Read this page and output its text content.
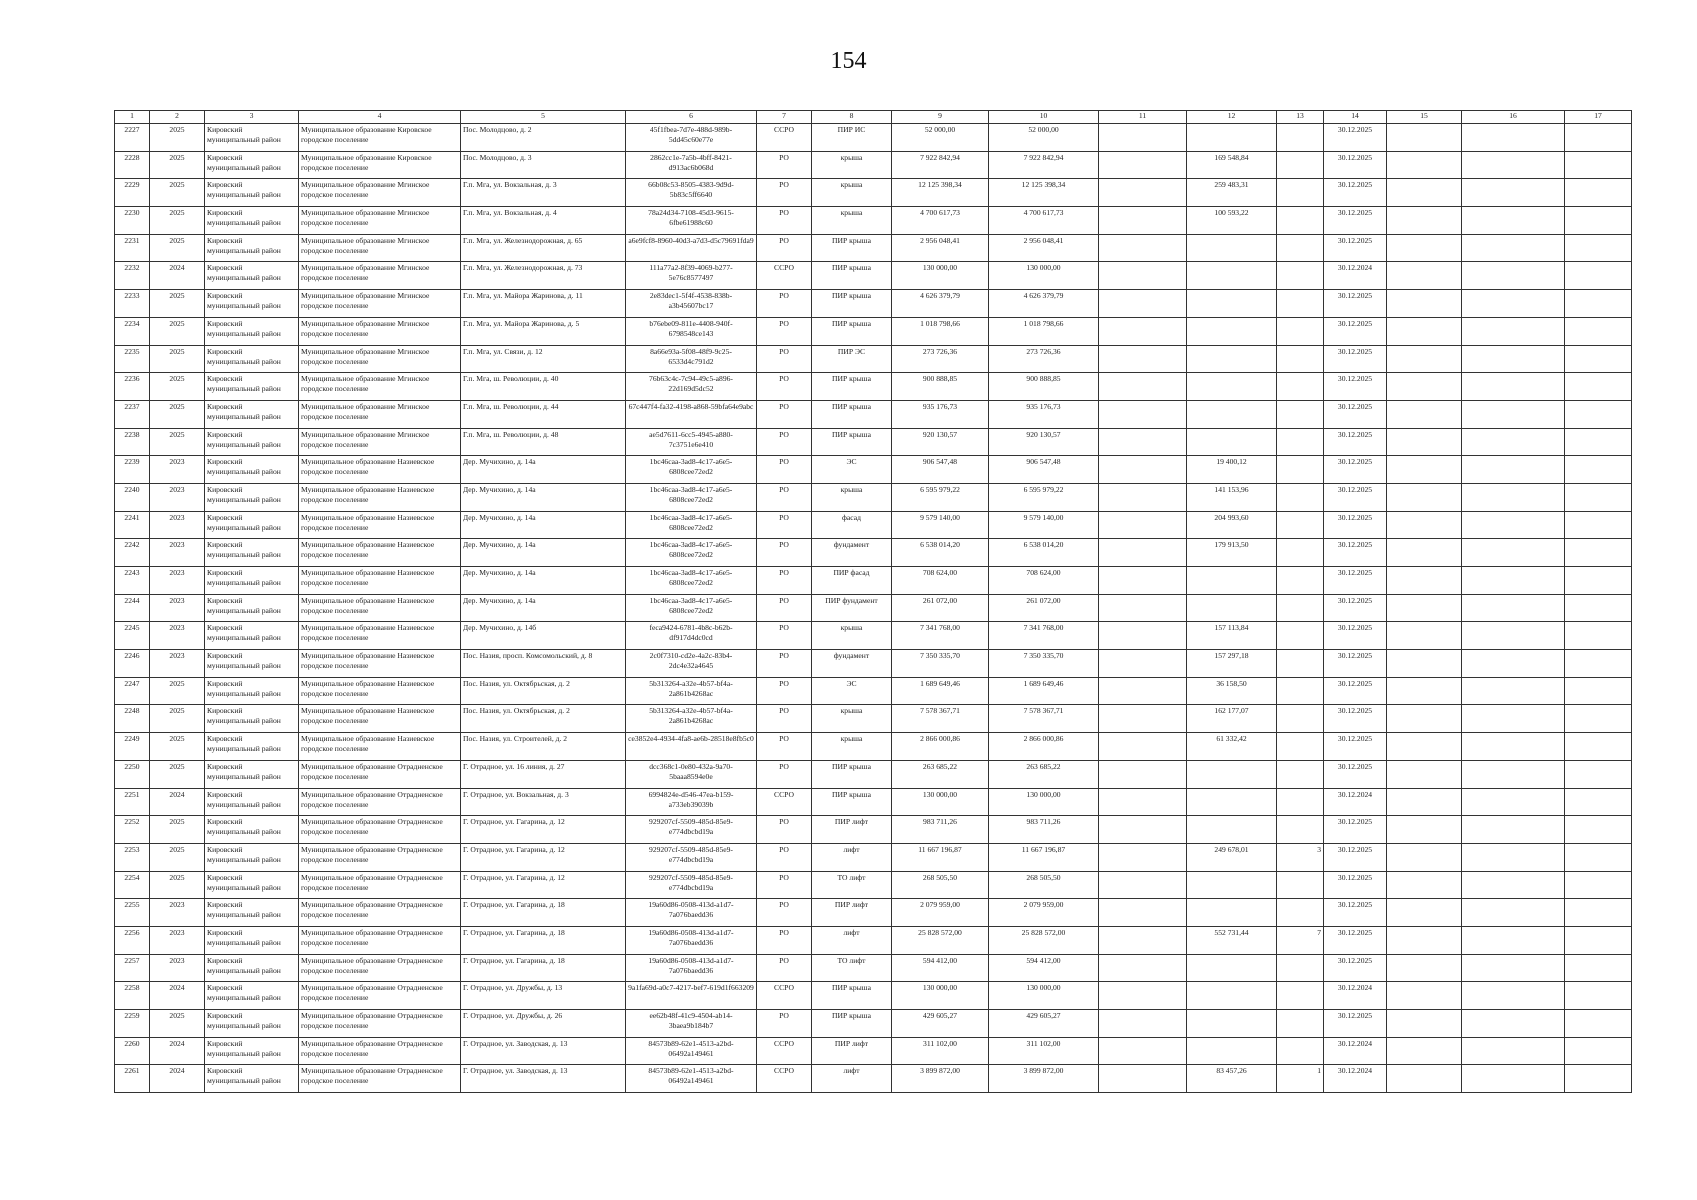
154
1	2	3	4	5	6	7	8	9	10	11	12	13	14	15	16	17
2227	2025	Кировский муниципальный район	Муниципальное образование Кировское городское поселение	Пос. Молодцово, д. 2	45f1fbea-7d7e-488d-989b-5dd45c60e77e	ССРО	ПИР ИС	52 000,00	52 000,00				30.12.2025			
2228	2025	Кировский муниципальный район	Муниципальное образование Кировское городское поселение	Пос. Молодцово, д. 3	2862cc1e-7a5b-4bff-8421-d913ac6b068d	РО	крыша	7 922 842,94	7 922 842,94		169 548,84		30.12.2025			
2229	2025	Кировский муниципальный район	Муниципальное образование Мгинское городское поселение	Г.п. Мга, ул. Вокзальная, д. 3	66b08c53-8505-4383-9d9d-5b83c5ff6640	РО	крыша	12 125 398,34	12 125 398,34		259 483,31		30.12.2025			
2230	2025	Кировский муниципальный район	Муниципальное образование Мгинское городское поселение	Г.п. Мга, ул. Вокзальная, д. 4	78a24d34-7108-45d3-9615-6fbe61988c60	РО	крыша	4 700 617,73	4 700 617,73		100 593,22		30.12.2025			
2231	2025	Кировский муниципальный район	Муниципальное образование Мгинское городское поселение	Г.п. Мга, ул. Железнодорожная, д. 65	a6e9fcf8-8960-40d3-a7d3-d5c79691fda9	РО	ПИР крыша	2 956 048,41	2 956 048,41				30.12.2025			
2232	2024	Кировский муниципальный район	Муниципальное образование Мгинское городское поселение	Г.п. Мга, ул. Железнодорожная, д. 73	111a77a2-8f39-4069-b277-5e76c8577497	ССРО	ПИР крыша	130 000,00	130 000,00				30.12.2024			
2233	2025	Кировский муниципальный район	Муниципальное образование Мгинское городское поселение	Г.п. Мга, ул. Майора Жаринова, д. 11	2e83dec1-5f4f-4538-838b-a3b45607bc17	РО	ПИР крыша	4 626 379,79	4 626 379,79				30.12.2025			
2234	2025	Кировский муниципальный район	Муниципальное образование Мгинское городское поселение	Г.п. Мга, ул. Майора Жаринова, д. 5	b76ebe09-811e-4408-940f-6798548ce143	РО	ПИР крыша	1 018 798,66	1 018 798,66				30.12.2025			
2235	2025	Кировский муниципальный район	Муниципальное образование Мгинское городское поселение	Г.п. Мга, ул. Связи, д. 12	8a66e93a-5f08-48f9-9c25-6533d4c791d2	РО	ПИР ЭС	273 726,36	273 726,36				30.12.2025			
2236	2025	Кировский муниципальный район	Муниципальное образование Мгинское городское поселение	Г.п. Мга, ш. Революции, д. 40	76b63c4c-7c94-49c5-a896-22d169d5dc52	РО	ПИР крыша	900 888,85	900 888,85				30.12.2025			
2237	2025	Кировский муниципальный район	Муниципальное образование Мгинское городское поселение	Г.п. Мга, ш. Революции, д. 44	67c447f4-fa32-4198-a868-59bfa64e9abc	РО	ПИР крыша	935 176,73	935 176,73				30.12.2025			
2238	2025	Кировский муниципальный район	Муниципальное образование Мгинское городское поселение	Г.п. Мга, ш. Революции, д. 48	ae5d7611-6cc5-4945-a880-7c3751e6e410	РО	ПИР крыша	920 130,57	920 130,57				30.12.2025			
2239	2023	Кировский муниципальный район	Муниципальное образование Назиевское городское поселение	Дер. Мучихино, д. 14а	1bc46caa-3ad8-4c17-a6e5-6808cee72ed2	РО	ЭС	906 547,48	906 547,48		19 400,12		30.12.2025			
2240	2023	Кировский муниципальный район	Муниципальное образование Назиевское городское поселение	Дер. Мучихино, д. 14а	1bc46caa-3ad8-4c17-a6e5-6808cee72ed2	РО	крыша	6 595 979,22	6 595 979,22		141 153,96		30.12.2025			
2241	2023	Кировский муниципальный район	Муниципальное образование Назиевское городское поселение	Дер. Мучихино, д. 14а	1bc46caa-3ad8-4c17-a6e5-6808cee72ed2	РО	фасад	9 579 140,00	9 579 140,00		204 993,60		30.12.2025			
2242	2023	Кировский муниципальный район	Муниципальное образование Назиевское городское поселение	Дер. Мучихино, д. 14а	1bc46caa-3ad8-4c17-a6e5-6808cee72ed2	РО	фундамент	6 538 014,20	6 538 014,20		179 913,50		30.12.2025			
2243	2023	Кировский муниципальный район	Муниципальное образование Назиевское городское поселение	Дер. Мучихино, д. 14а	1bc46caa-3ad8-4c17-a6e5-6808cee72ed2	РО	ПИР фасад	708 624,00	708 624,00				30.12.2025			
2244	2023	Кировский муниципальный район	Муниципальное образование Назиевское городское поселение	Дер. Мучихино, д. 14а	1bc46caa-3ad8-4c17-a6e5-6808cee72ed2	РО	ПИР фундамент	261 072,00	261 072,00				30.12.2025			
2245	2023	Кировский муниципальный район	Муниципальное образование Назиевское городское поселение	Дер. Мучихино, д. 14б	feca9424-6781-4b8c-b62b-df917d4dc0cd	РО	крыша	7 341 768,00	7 341 768,00		157 113,84		30.12.2025			
2246	2023	Кировский муниципальный район	Муниципальное образование Назиевское городское поселение	Пос. Назия, просп. Комсомольский, д. 8	2c0f7310-cd2e-4a2c-83b4-2dc4e32a4645	РО	фундамент	7 350 335,70	7 350 335,70		157 297,18		30.12.2025			
2247	2025	Кировский муниципальный район	Муниципальное образование Назиевское городское поселение	Пос. Назия, ул. Октябрьская, д. 2	5b313264-a32e-4b57-bf4a-2a861b4268ac	РО	ЭС	1 689 649,46	1 689 649,46		36 158,50		30.12.2025			
2248	2025	Кировский муниципальный район	Муниципальное образование Назиевское городское поселение	Пос. Назия, ул. Октябрьская, д. 2	5b313264-a32e-4b57-bf4a-2a861b4268ac	РО	крыша	7 578 367,71	7 578 367,71		162 177,07		30.12.2025			
2249	2025	Кировский муниципальный район	Муниципальное образование Назиевское городское поселение	Пос. Назия, ул. Строителей, д. 2	ce3852e4-4934-4fa8-ae6b-28518e8fb5c0	РО	крыша	2 866 000,86	2 866 000,86		61 332,42		30.12.2025			
2250	2025	Кировский муниципальный район	Муниципальное образование Отрадненское городское поселение	Г. Отрадное, ул. 16 линия, д. 27	dcc368c1-0e80-432a-9a70-5baaa8594e0e	РО	ПИР крыша	263 685,22	263 685,22				30.12.2025			
2251	2024	Кировский муниципальный район	Муниципальное образование Отрадненское городское поселение	Г. Отрадное, ул. Вокзальная, д. 3	6994824e-d546-47ea-b159-a733eb39039b	ССРО	ПИР крыша	130 000,00	130 000,00				30.12.2024			
2252	2025	Кировский муниципальный район	Муниципальное образование Отрадненское городское поселение	Г. Отрадное, ул. Гагарина, д. 12	929207cf-5509-485d-85e9-e774dbcbd19a	РО	ПИР лифт	983 711,26	983 711,26				30.12.2025			
2253	2025	Кировский муниципальный район	Муниципальное образование Отрадненское городское поселение	Г. Отрадное, ул. Гагарина, д. 12	929207cf-5509-485d-85e9-e774dbcbd19a	РО	лифт	11 667 196,87	11 667 196,87		249 678,01	3	30.12.2025			
2254	2025	Кировский муниципальный район	Муниципальное образование Отрадненское городское поселение	Г. Отрадное, ул. Гагарина, д. 12	929207cf-5509-485d-85e9-e774dbcbd19a	РО	ТО лифт	268 505,50	268 505,50				30.12.2025			
2255	2023	Кировский муниципальный район	Муниципальное образование Отрадненское городское поселение	Г. Отрадное, ул. Гагарина, д. 18	19a60d86-0508-413d-a1d7-7a076baedd36	РО	ПИР лифт	2 079 959,00	2 079 959,00				30.12.2025			
2256	2023	Кировский муниципальный район	Муниципальное образование Отрадненское городское поселение	Г. Отрадное, ул. Гагарина, д. 18	19a60d86-0508-413d-a1d7-7a076baedd36	РО	лифт	25 828 572,00	25 828 572,00		552 731,44	7	30.12.2025			
2257	2023	Кировский муниципальный район	Муниципальное образование Отрадненское городское поселение	Г. Отрадное, ул. Гагарина, д. 18	19a60d86-0508-413d-a1d7-7a076baedd36	РО	ТО лифт	594 412,00	594 412,00				30.12.2025			
2258	2024	Кировский муниципальный район	Муниципальное образование Отрадненское городское поселение	Г. Отрадное, ул. Дружбы, д. 13	9a1fa69d-a0c7-4217-bef7-619d1f663209	ССРО	ПИР крыша	130 000,00	130 000,00				30.12.2024			
2259	2025	Кировский муниципальный район	Муниципальное образование Отрадненское городское поселение	Г. Отрадное, ул. Дружбы, д. 26	ee62b48f-41c9-4504-ab14-3baea9b184b7	РО	ПИР крыша	429 605,27	429 605,27				30.12.2025			
2260	2024	Кировский муниципальный район	Муниципальное образование Отрадненское городское поселение	Г. Отрадное, ул. Заводская, д. 13	84573b89-62e1-4513-a2bd-06492a149461	ССРО	ПИР лифт	311 102,00	311 102,00				30.12.2024			
2261	2024	Кировский муниципальный район	Муниципальное образование Отрадненское городское поселение	Г. Отрадное, ул. Заводская, д. 13	84573b89-62e1-4513-a2bd-06492a149461	ССРО	лифт	3 899 872,00	3 899 872,00		83 457,26	1	30.12.2024			
